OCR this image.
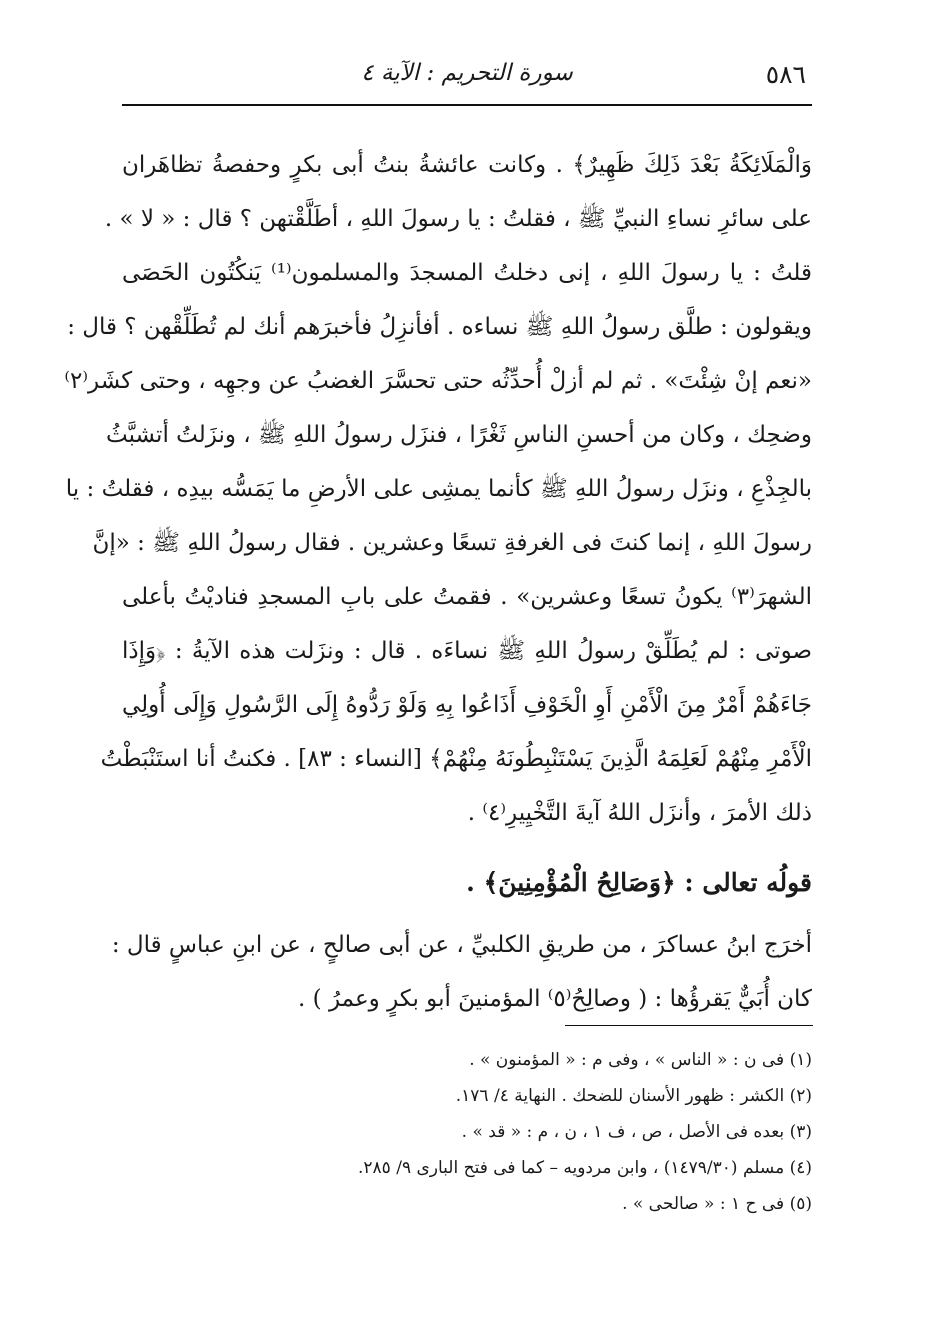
٥٨٦
سورة التحريم : الآية ٤
وَالْمَلَائِكَةُ بَعْدَ ذَلِكَ ظَهِيرٌ﴾ . وكانت عائشةُ بنتُ أبى بكرٍ وحفصةُ تظاهَران
على سائرِ نساءِ النبيِّ ﷺ ، فقلتُ : يا رسولَ اللهِ ، أطَلَّقْتهن ؟ قال : « لا » .
قلتُ : يا رسولَ اللهِ ، إنى دخلتُ المسجدَ والمسلمون⁽¹⁾ يَنكُتُون الحَصَى
ويقولون : طلَّق رسولُ اللهِ ﷺ نساءه . أفأنزِلُ فأخبرَهم أنك لم تُطَلِّقْهن ؟ قال :
«نعم إنْ شِئْتَ» . ثم لم أزلْ أُحدِّثُه حتى تحسَّرَ الغضبُ عن وجهِه ، وحتى كشَر⁽٢⁾
وضحِك ، وكان من أحسنِ الناسِ ثَغْرًا ، فنزَل رسولُ اللهِ ﷺ ، ونزَلتُ أتشبَّثُ
بالجِذْعِ ، ونزَل رسولُ اللهِ ﷺ كأنما يمشِى على الأرضِ ما يَمَسُّه بيدِه ، فقلتُ : يا
رسولَ اللهِ ، إنما كنتَ فى الغرفةِ تسعًا وعشرين . فقال رسولُ اللهِ ﷺ : «إنَّ
الشهرَ⁽٣⁾ يكونُ تسعًا وعشرين» . فقمتُ على بابِ المسجدِ فناديْتُ بأعلى
صوتى : لم يُطَلِّقْ رسولُ اللهِ ﷺ نساءَه . قال : ونزَلت هذه الآيةُ : ﴿وَإِذَا
جَاءَهُمْ أَمْرٌ مِنَ الْأَمْنِ أَوِ الْخَوْفِ أَذَاعُوا بِهِ وَلَوْ رَدُّوهُ إِلَى الرَّسُولِ وَإِلَى أُولِي
الْأَمْرِ مِنْهُمْ لَعَلِمَهُ الَّذِينَ يَسْتَنْبِطُونَهُ مِنْهُمْ﴾ [النساء : ٨٣] . فكنتُ أنا استَنْبَطْتُ
ذلك الأمرَ ، وأنزَل اللهُ آيةَ التَّخْيِيرِ⁽٤⁾ .
قولُه تعالى : ﴿وَصَالِحُ الْمُؤْمِنِينَ﴾ .
أخرَج ابنُ عساكرَ ، من طريقِ الكلبيِّ ، عن أبى صالحٍ ، عن ابنِ عباسٍ قال :
كان أُبَيٌّ يَقرؤُها : ( وصالِحُ⁽٥⁾ المؤمنينَ أبو بكرٍ وعمرُ ) .
(١) فى ن : « الناس » ، وفى م : « المؤمنون » .
(٢) الكشر : ظهور الأسنان للضحك . النهاية ٤/ ١٧٦.
(٣) بعده فى الأصل ، ص ، ف ١ ، ن ، م : « قد » .
(٤) مسلم (١٤٧٩/٣٠) ، وابن مردويه – كما فى فتح البارى ٩/ ٢٨٥.
(٥) فى ح ١ : « صالحى » .
